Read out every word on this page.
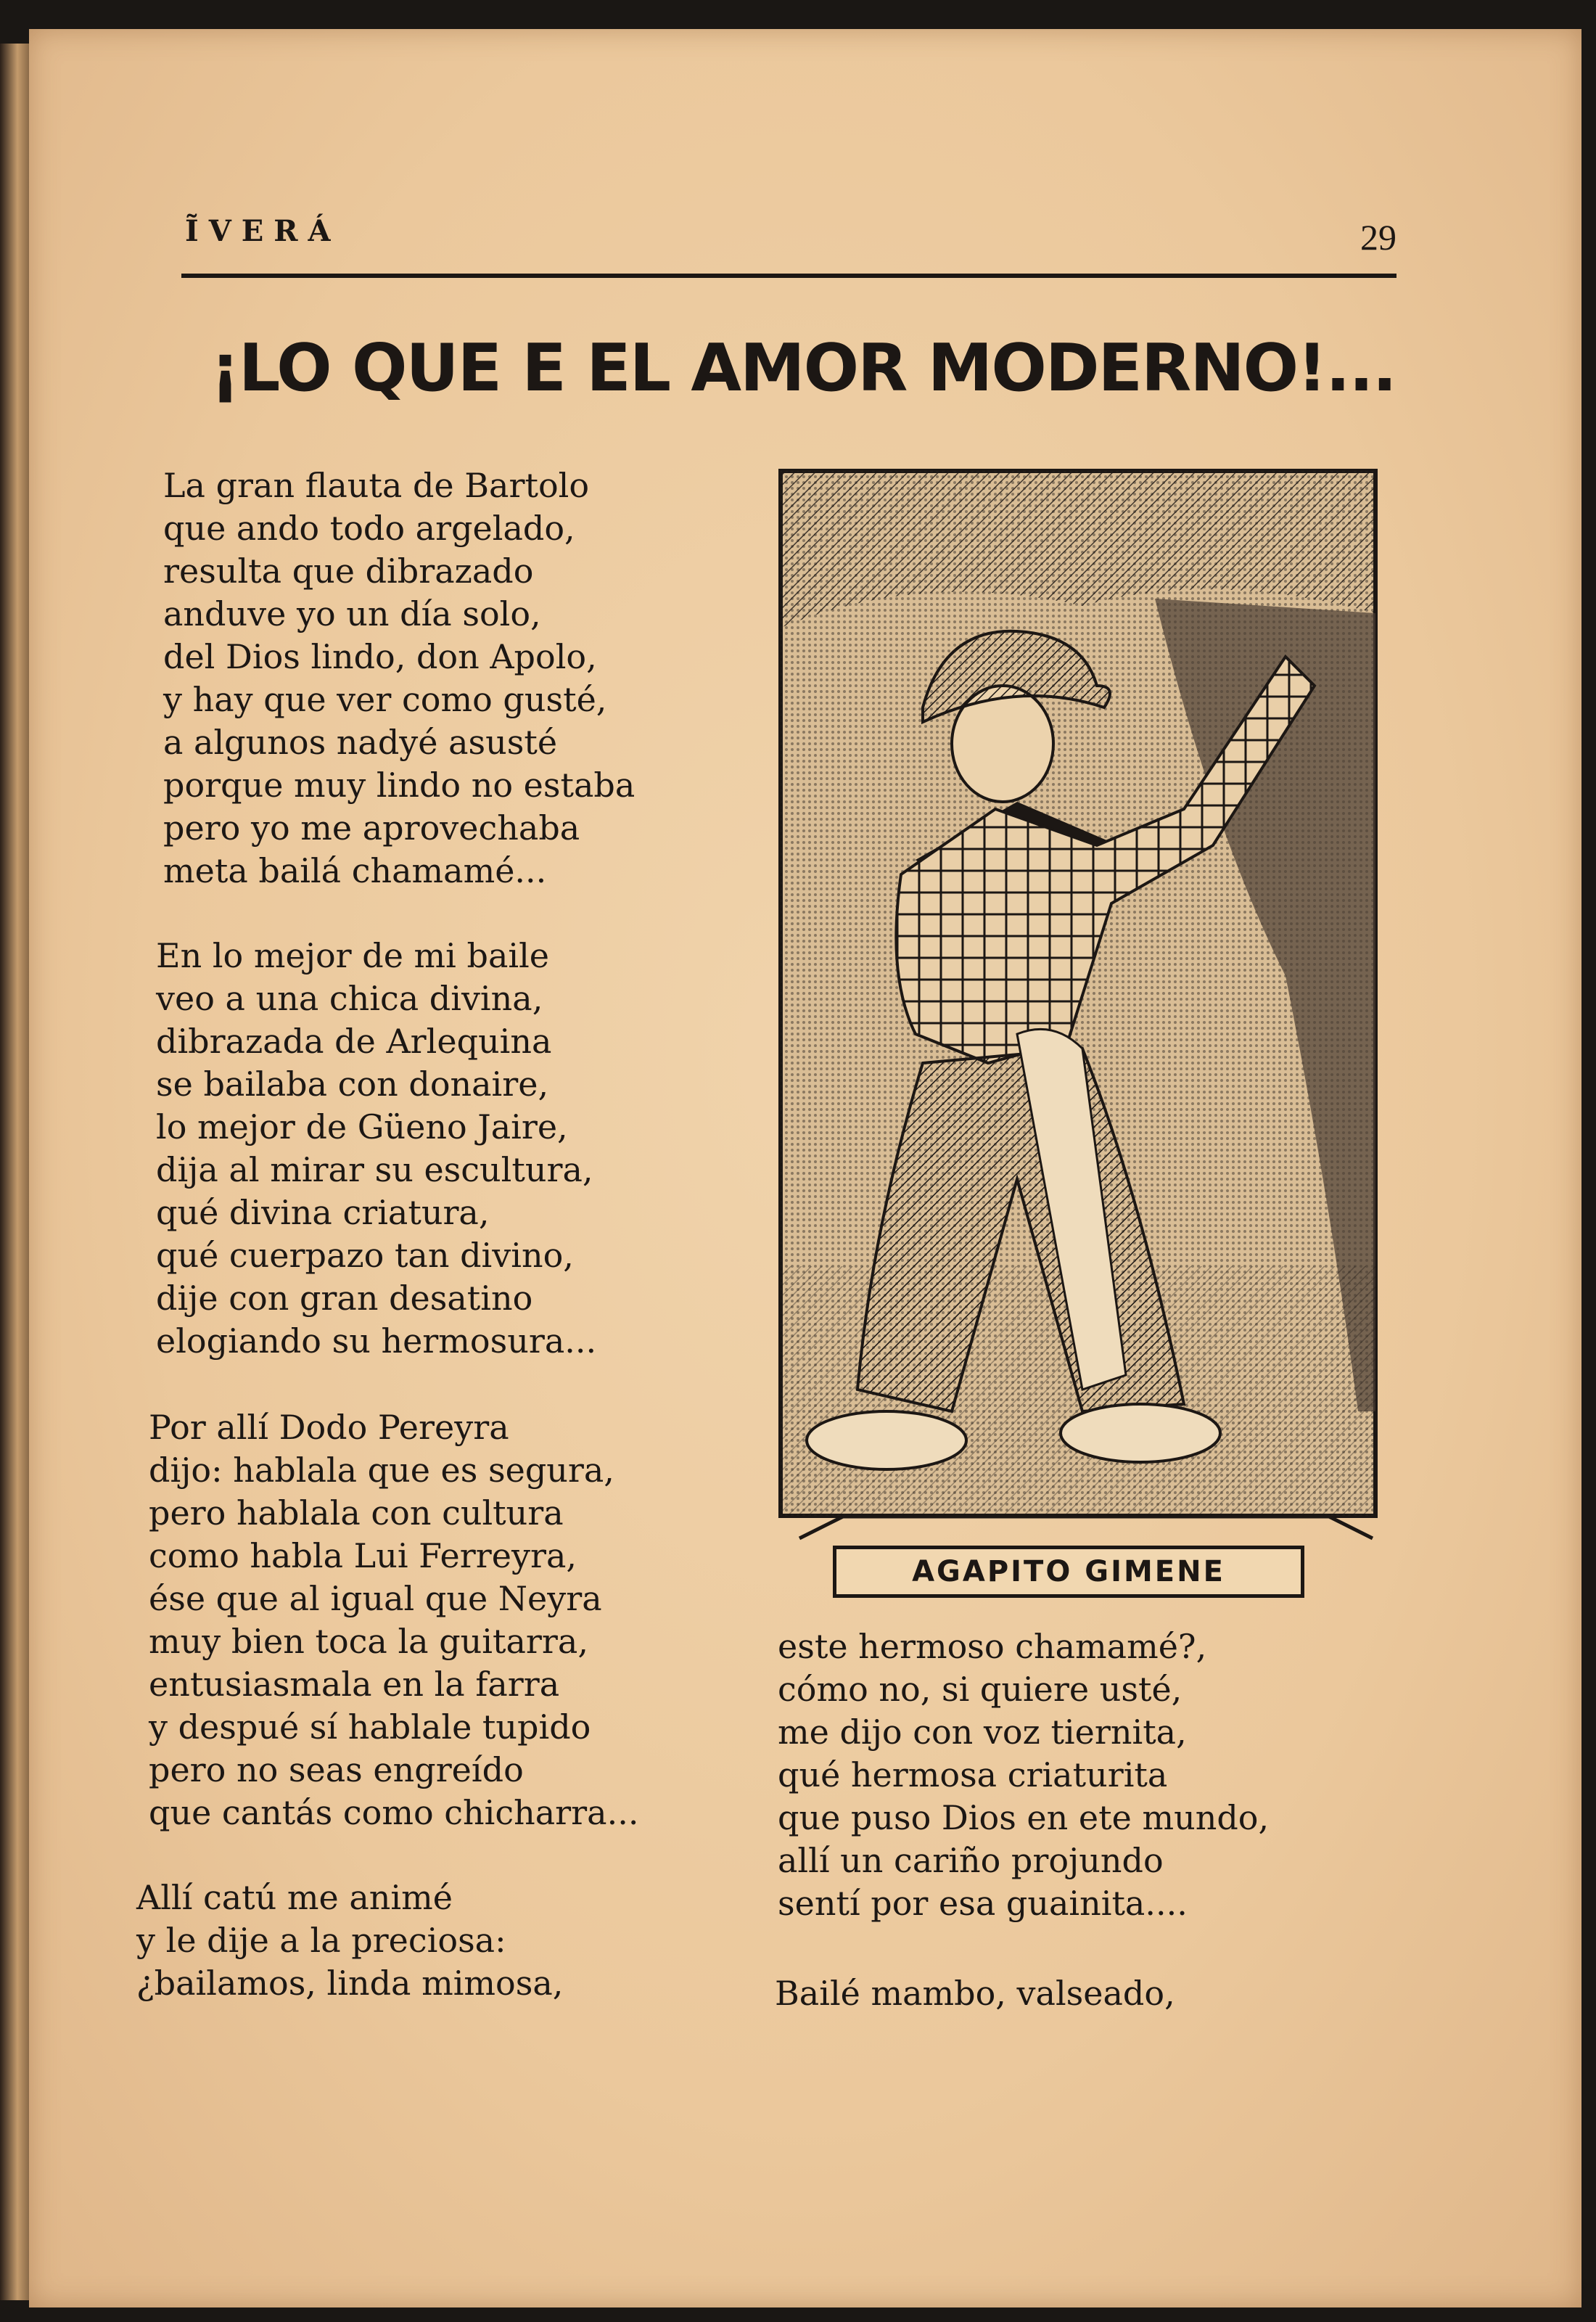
ĨVERÁ	29
¡LO QUE E EL AMOR MODERNO!...
La gran flauta de Bartolo
que ando todo argelado,
resulta que dibrazado
anduve yo un día solo,
del Dios lindo, don Apolo,
y hay que ver como gusté,
a algunos nadyé asusté
porque muy lindo no estaba
pero yo me aprovechaba
meta bailá chamamé...
En lo mejor de mi baile
veo a una chica divina,
dibrazada de Arlequina
se bailaba con donaire,
lo mejor de Güeno Jaire,
dija al mirar su escultura,
qué divina criatura,
qué cuerpazo tan divino,
dije con gran desatino
elogiando su hermosura...
Por allí Dodo Pereyra
dijo: hablala que es segura,
pero hablala con cultura
como habla Lui Ferreyra,
ése que al igual que Neyra
muy bien toca la guitarra,
entusiasmala en la farra
y despué sí hablale tupido
pero no seas engreído
que cantás como chicharra...
Allí catú me animé
y le dije a la preciosa:
¿bailamos, linda mimosa,
este hermoso chamamé?,
cómo no, si quiere usté,
me dijo con voz tiernita,
qué hermosa criaturita
que puso Dios en ete mundo,
allí un cariño projundo
sentí por esa guainita....
Bailé mambo, valseado,
AGAPITO GIMENE
